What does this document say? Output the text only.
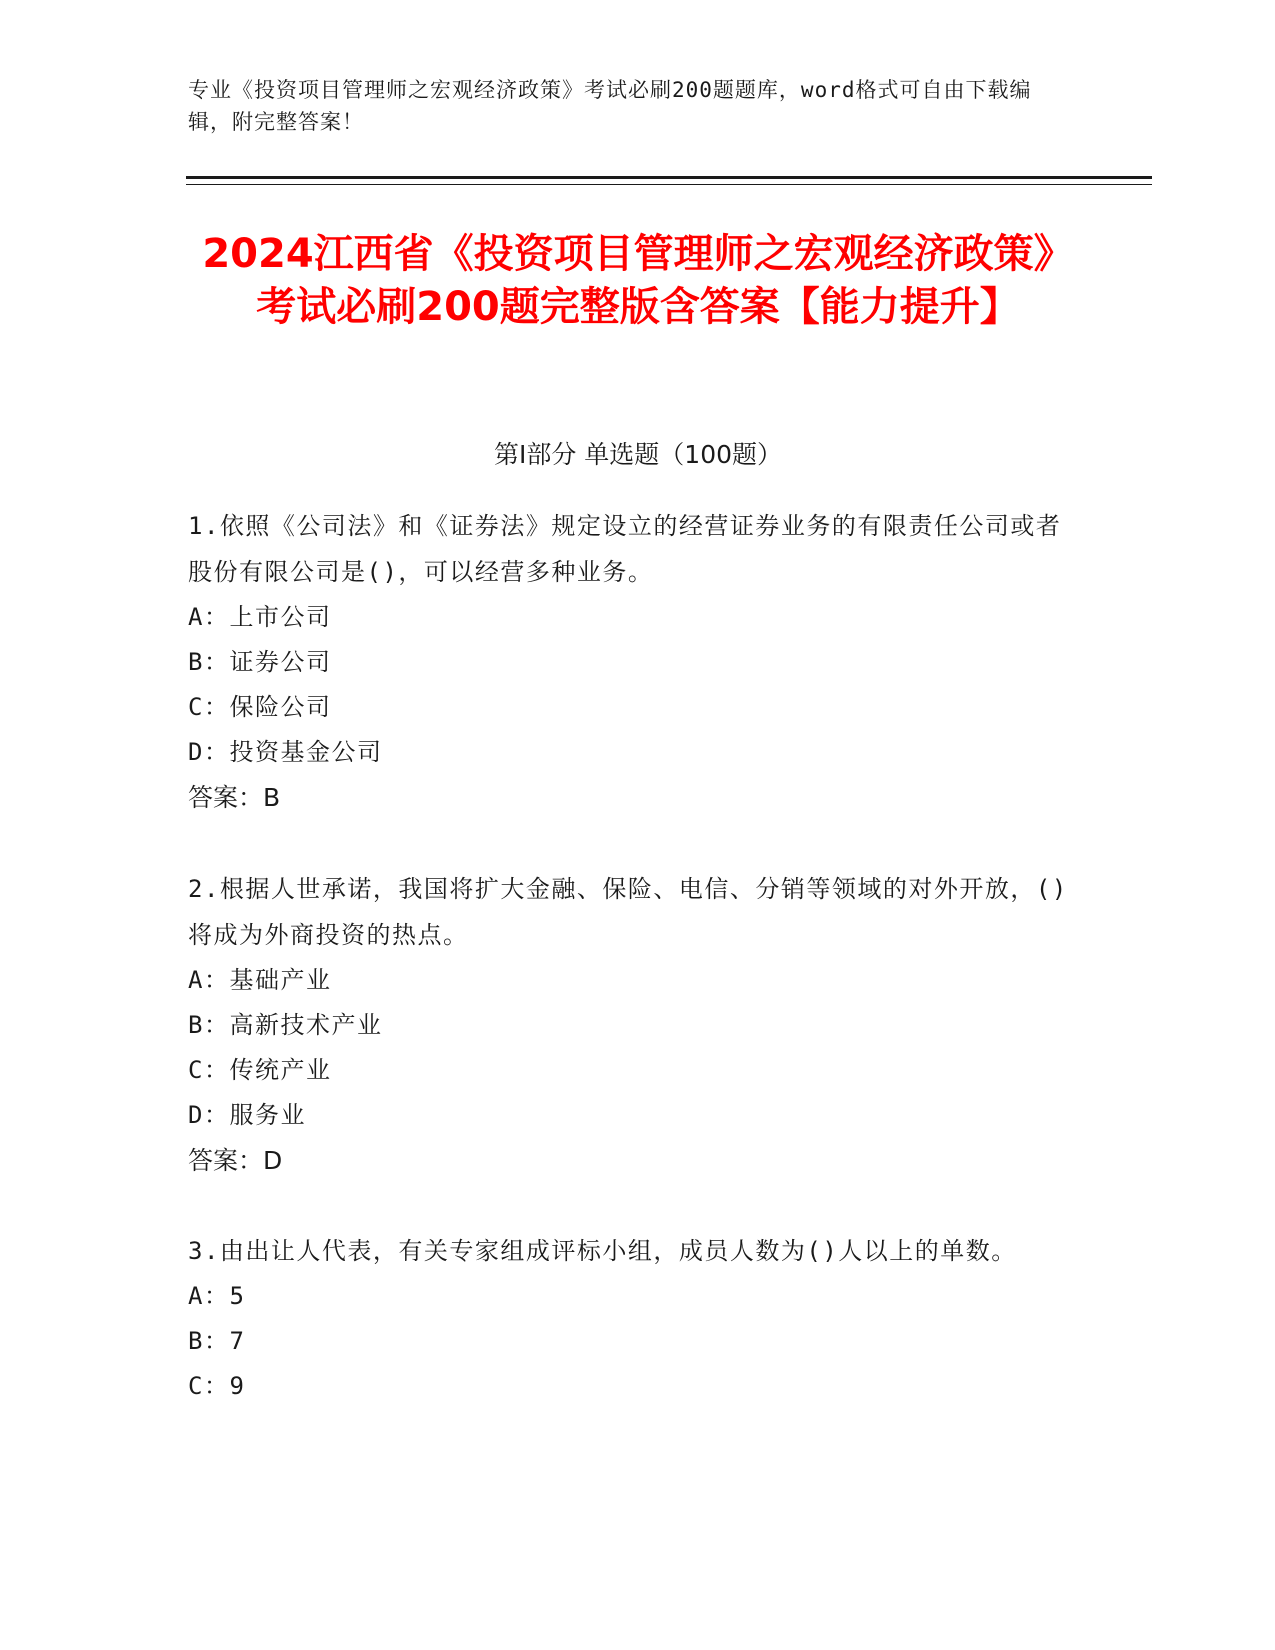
专业《投资项目管理师之宏观经济政策》考试必刷200题题库，word格式可自由下载编辑，附完整答案！
2024江西省《投资项目管理师之宏观经济政策》考试必刷200题完整版含答案【能力提升】
第I部分 单选题（100题）
1.依照《公司法》和《证券法》规定设立的经营证券业务的有限责任公司或者股份有限公司是()，可以经营多种业务。
A：上市公司
B：证券公司
C：保险公司
D：投资基金公司
答案：B
2.根据人世承诺，我国将扩大金融、保险、电信、分销等领域的对外开放，()将成为外商投资的热点。
A：基础产业
B：高新技术产业
C：传统产业
D：服务业
答案：D
3.由出让人代表，有关专家组成评标小组，成员人数为()人以上的单数。
A：5
B：7
C：9
